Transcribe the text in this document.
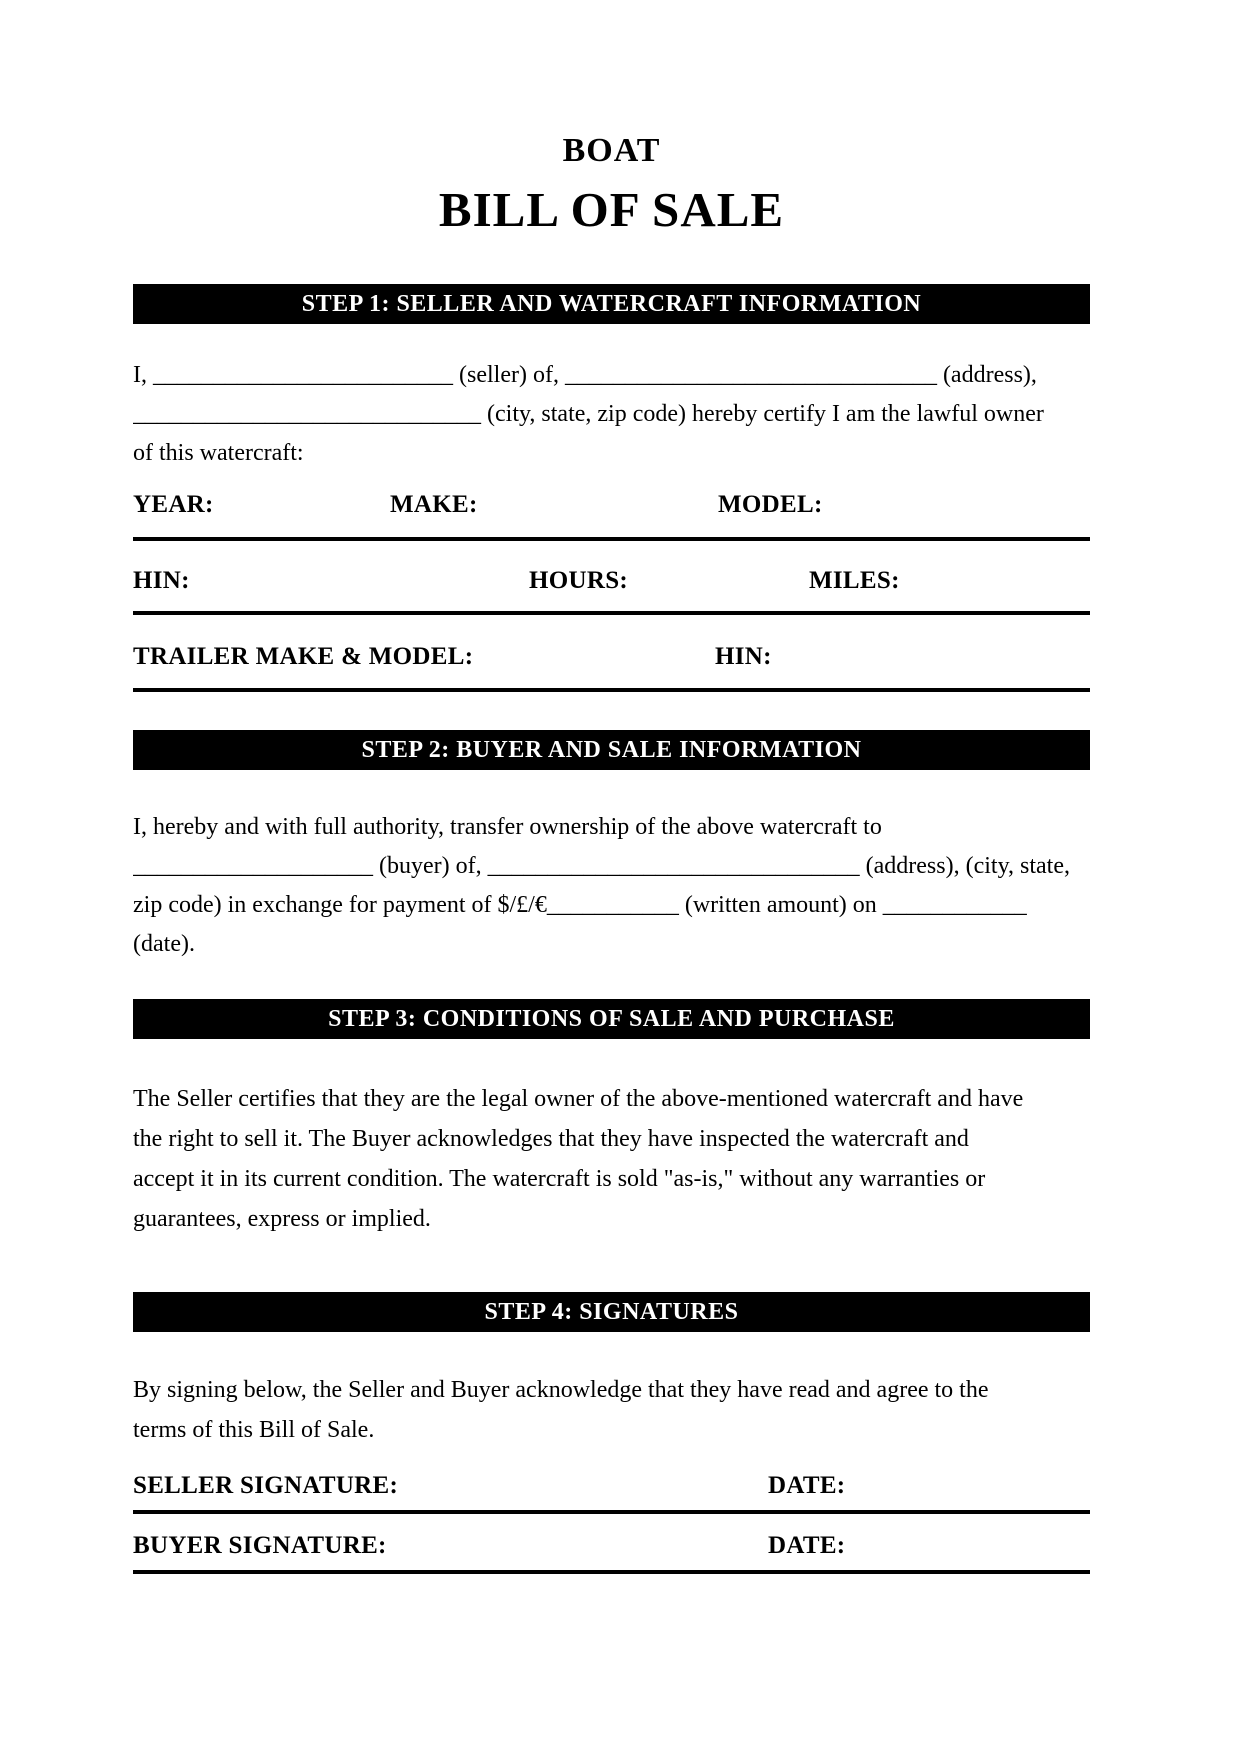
BOAT
BILL OF SALE
STEP 1: SELLER AND WATERCRAFT INFORMATION
I, _________________________ (seller) of, _______________________________ (address),
_____________________________ (city, state, zip code) hereby certify I am the lawful owner
of this watercraft:
YEAR:	MAKE:	MODEL:
HIN:	HOURS:	MILES:
TRAILER MAKE & MODEL:	HIN:
STEP 2: BUYER AND SALE INFORMATION
I, hereby and with full authority, transfer ownership of the above watercraft to
____________________ (buyer) of, _______________________________ (address), (city, state,
zip code) in exchange for payment of $/£/€___________ (written amount) on ____________
(date).
STEP 3: CONDITIONS OF SALE AND PURCHASE
The Seller certifies that they are the legal owner of the above-mentioned watercraft and have
the right to sell it. The Buyer acknowledges that they have inspected the watercraft and
accept it in its current condition. The watercraft is sold "as-is," without any warranties or
guarantees, express or implied.
STEP 4: SIGNATURES
By signing below, the Seller and Buyer acknowledge that they have read and agree to the
terms of this Bill of Sale.
SELLER SIGNATURE:	DATE:
BUYER SIGNATURE:	DATE:
